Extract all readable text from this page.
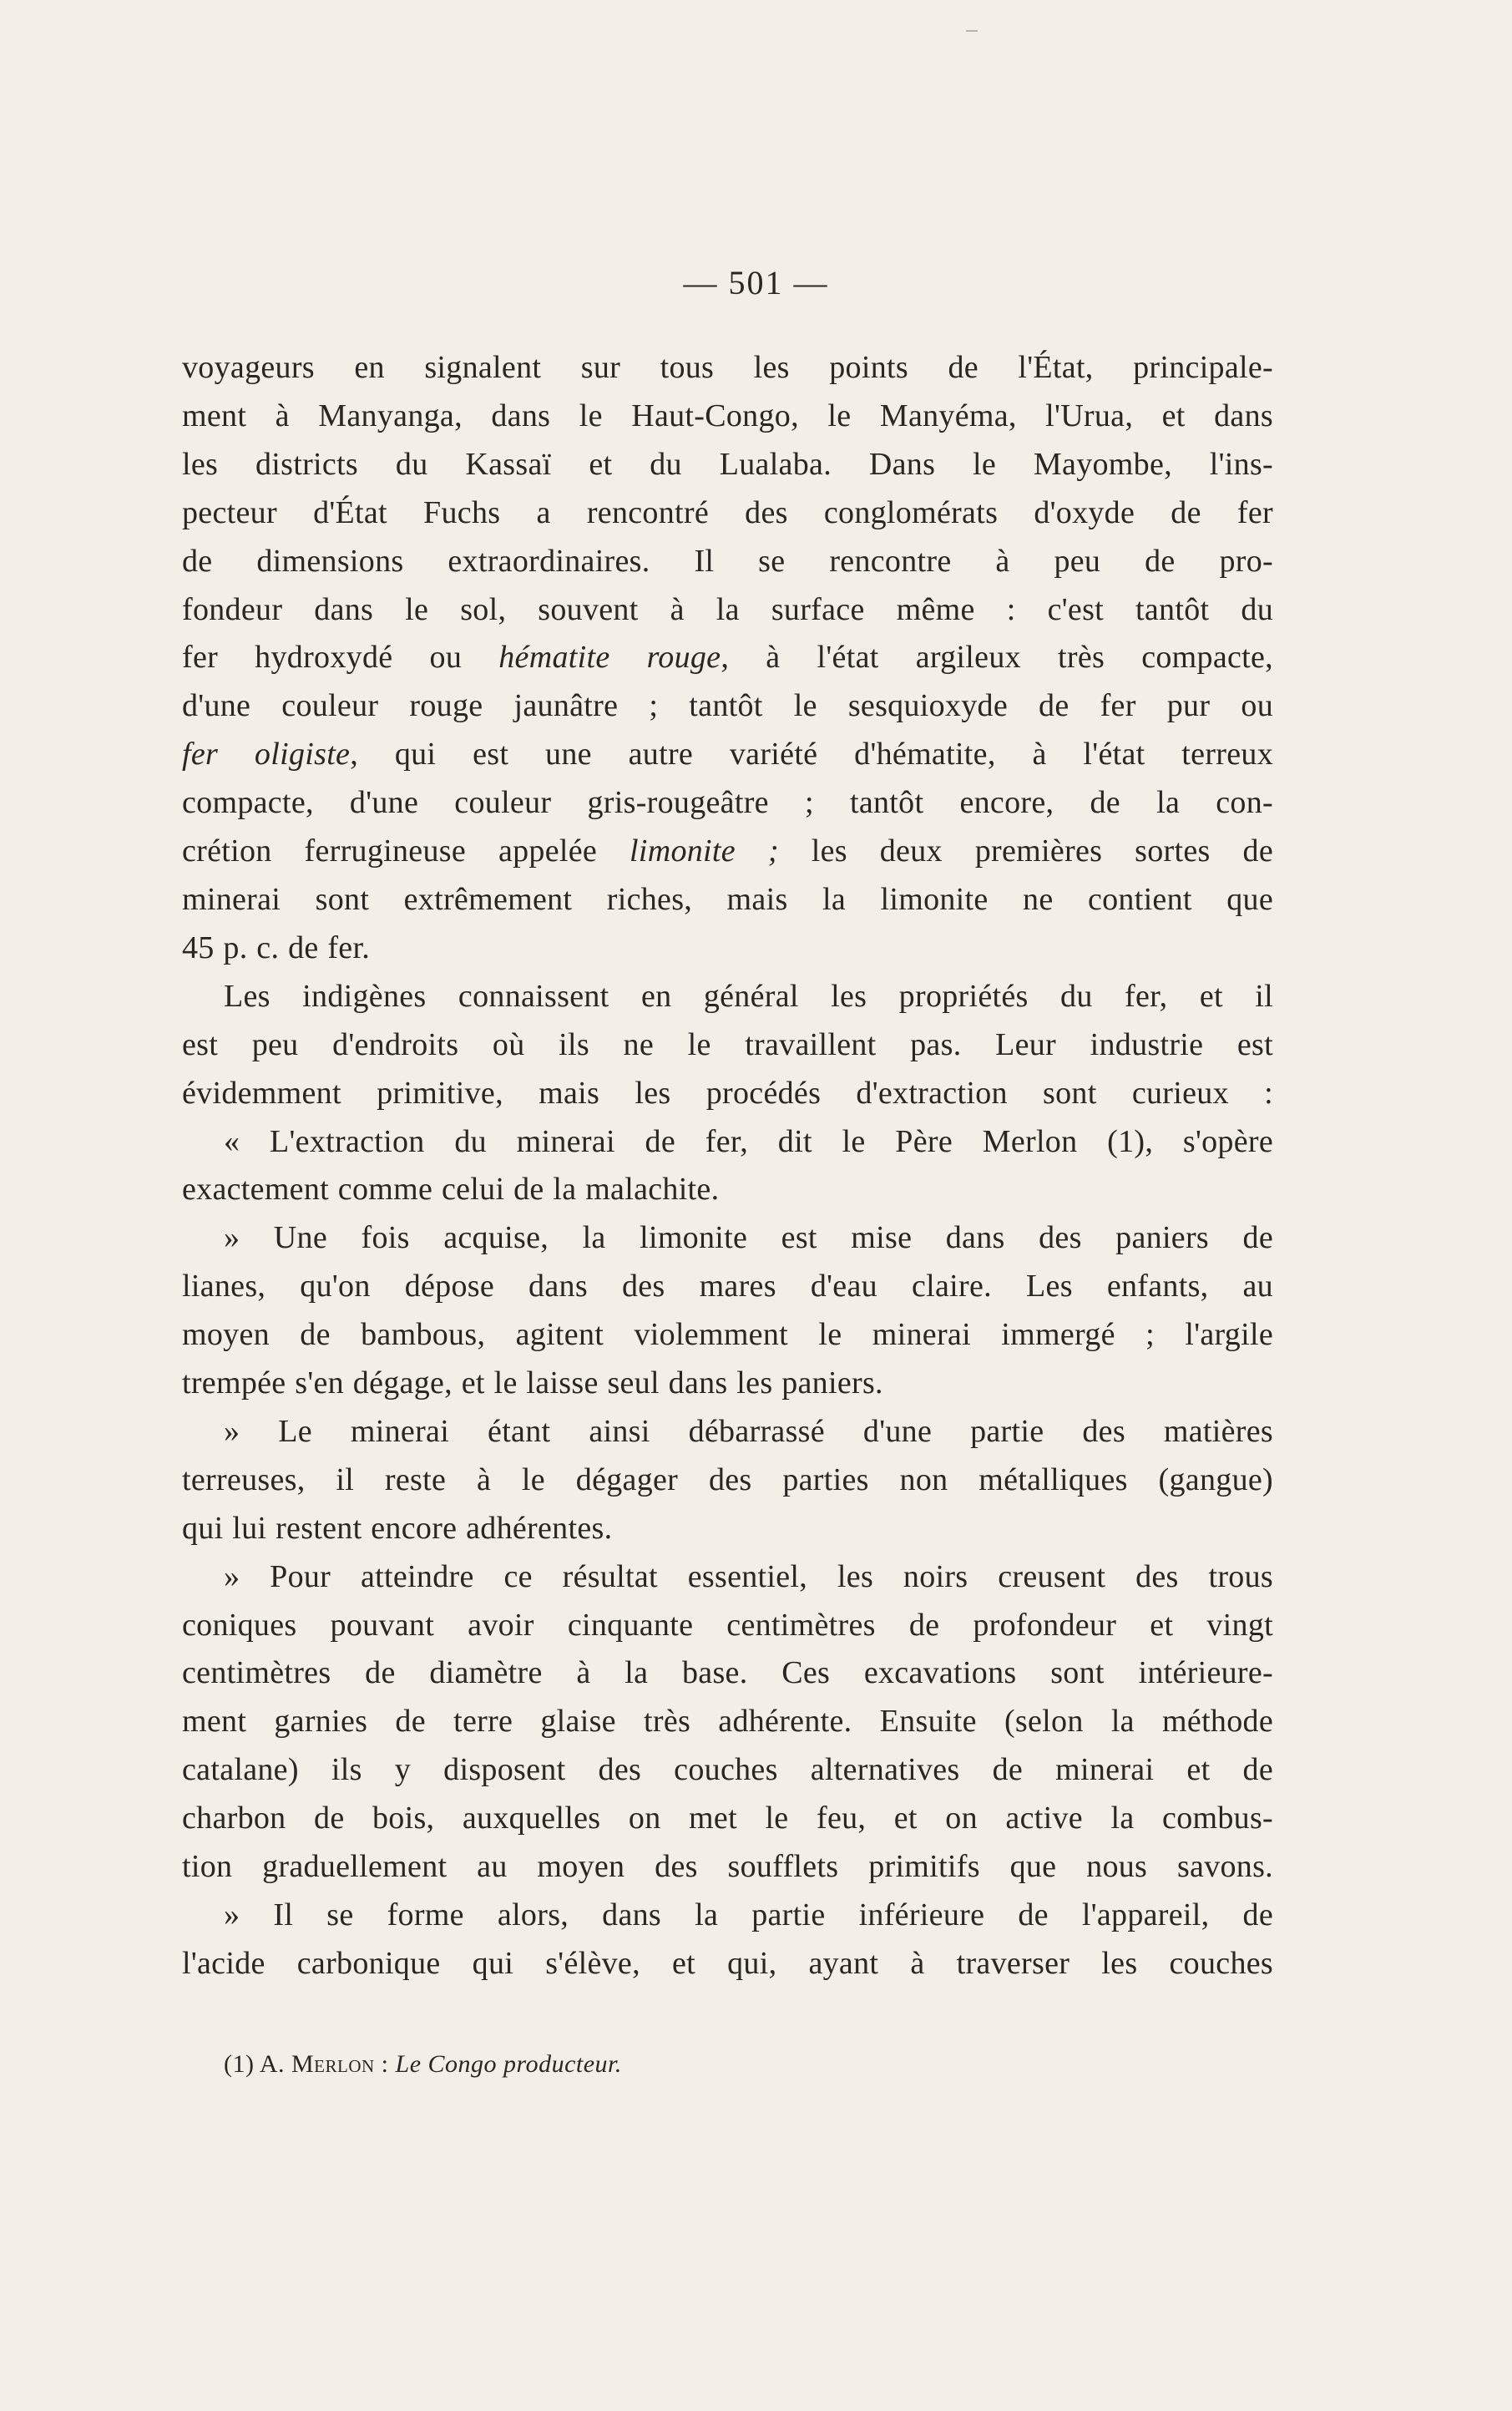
— 501 —
voyageurs en signalent sur tous les points de l'État, principale-
ment à Manyanga, dans le Haut-Congo, le Manyéma, l'Urua, et dans
les districts du Kassaï et du Lualaba. Dans le Mayombe, l'ins-
pecteur d'État Fuchs a rencontré des conglomérats d'oxyde de fer
de dimensions extraordinaires. Il se rencontre à peu de pro-
fondeur dans le sol, souvent à la surface même : c'est tantôt du
fer hydroxydé ou hématite rouge, à l'état argileux très compacte,
d'une couleur rouge jaunâtre ; tantôt le sesquioxyde de fer pur ou
fer oligiste, qui est une autre variété d'hématite, à l'état terreux
compacte, d'une couleur gris-rougeâtre ; tantôt encore, de la con-
crétion ferrugineuse appelée limonite ; les deux premières sortes de
minerai sont extrêmement riches, mais la limonite ne contient que
45 p. c. de fer.
Les indigènes connaissent en général les propriétés du fer, et il
est peu d'endroits où ils ne le travaillent pas. Leur industrie est
évidemment primitive, mais les procédés d'extraction sont curieux :
« L'extraction du minerai de fer, dit le Père Merlon (1), s'opère
exactement comme celui de la malachite.
» Une fois acquise, la limonite est mise dans des paniers de
lianes, qu'on dépose dans des mares d'eau claire. Les enfants, au
moyen de bambous, agitent violemment le minerai immergé ; l'argile
trempée s'en dégage, et le laisse seul dans les paniers.
» Le minerai étant ainsi débarrassé d'une partie des matières
terreuses, il reste à le dégager des parties non métalliques (gangue)
qui lui restent encore adhérentes.
» Pour atteindre ce résultat essentiel, les noirs creusent des trous
coniques pouvant avoir cinquante centimètres de profondeur et vingt
centimètres de diamètre à la base. Ces excavations sont intérieure-
ment garnies de terre glaise très adhérente. Ensuite (selon la méthode
catalane) ils y disposent des couches alternatives de minerai et de
charbon de bois, auxquelles on met le feu, et on active la combus-
tion graduellement au moyen des soufflets primitifs que nous savons.
» Il se forme alors, dans la partie inférieure de l'appareil, de
l'acide carbonique qui s'élève, et qui, ayant à traverser les couches
(1) A. Merlon : Le Congo producteur.
